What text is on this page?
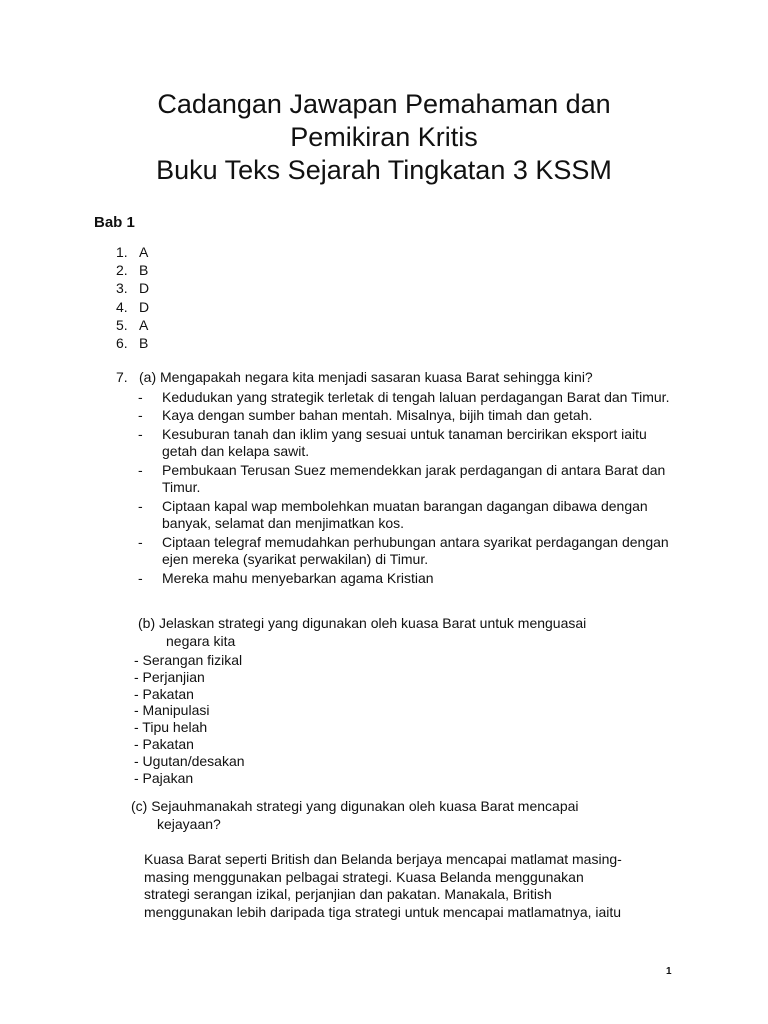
Cadangan Jawapan Pemahaman dan
Pemikiran Kritis
Buku Teks Sejarah Tingkatan 3 KSSM
Bab 1
1. A
2. B
3. D
4. D
5. A
6. B
7. (a) Mengapakah negara kita menjadi sasaran kuasa Barat sehingga kini?
- Kedudukan yang strategik terletak di tengah laluan perdagangan Barat dan Timur.
- Kaya dengan sumber bahan mentah. Misalnya, bijih timah dan getah.
- Kesuburan tanah dan iklim yang sesuai untuk tanaman bercirikan eksport iaitu getah dan kelapa sawit.
- Pembukaan Terusan Suez memendekkan jarak perdagangan di antara Barat dan Timur.
- Ciptaan kapal wap membolehkan muatan barangan dagangan dibawa dengan banyak, selamat dan menjimatkan kos.
- Ciptaan telegraf memudahkan perhubungan antara syarikat perdagangan dengan ejen mereka (syarikat perwakilan) di Timur.
- Mereka mahu menyebarkan agama Kristian
(b) Jelaskan strategi yang digunakan oleh kuasa Barat untuk menguasai
negara kita
- Serangan fizikal
- Perjanjian
- Pakatan
- Manipulasi
- Tipu helah
- Pakatan
- Ugutan/desakan
- Pajakan
(c) Sejauhmanakah strategi yang digunakan oleh kuasa Barat mencapai
kejayaan?

Kuasa Barat seperti British dan Belanda berjaya mencapai matlamat masing-
masing menggunakan pelbagai strategi. Kuasa Belanda menggunakan
strategi serangan izikal, perjanjian dan pakatan. Manakala, British
menggunakan lebih daripada tiga strategi untuk mencapai matlamatnya, iaitu

1
